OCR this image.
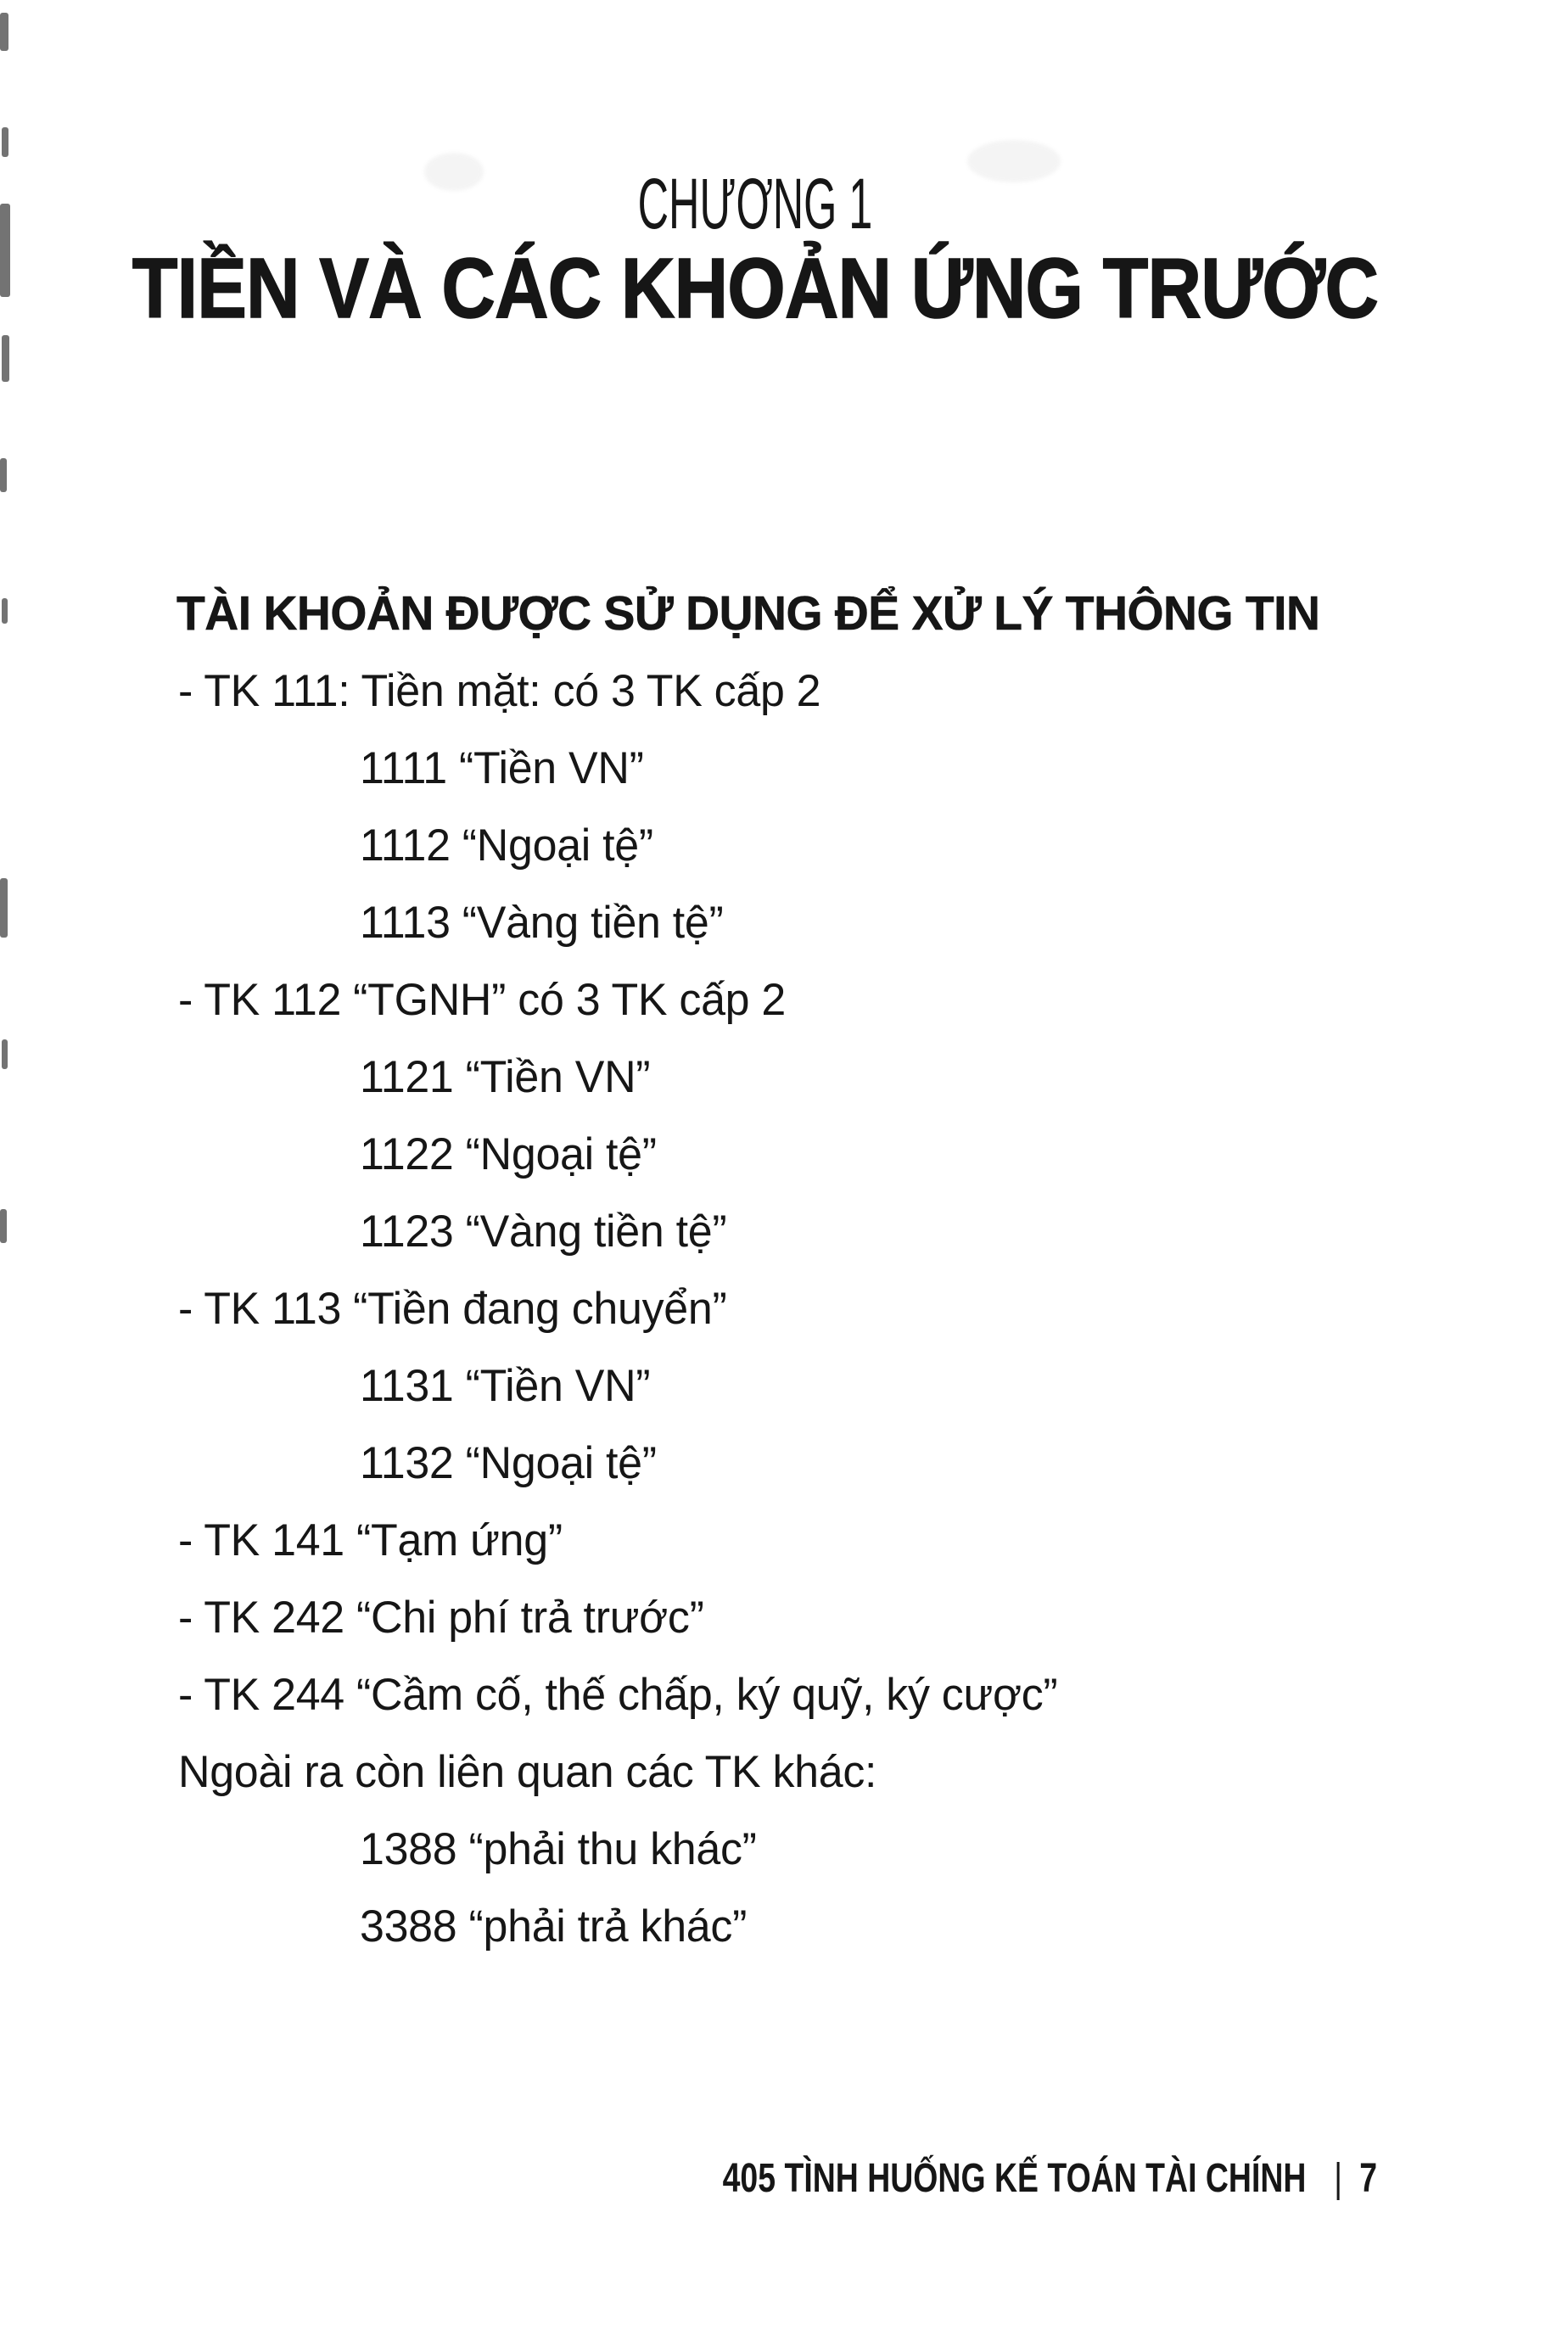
CHƯƠNG 1
TIỀN VÀ CÁC KHOẢN ỨNG TRƯỚC
TÀI KHOẢN ĐƯỢC SỬ DỤNG ĐỂ XỬ LÝ THÔNG TIN
- TK 111: Tiền mặt: có 3 TK cấp 2
1111 “Tiền VN”
1112 “Ngoại tệ”
1113 “Vàng tiền tệ”
- TK 112 “TGNH” có 3 TK cấp 2
1121 “Tiền VN”
1122 “Ngoại tệ”
1123 “Vàng tiền tệ”
- TK 113 “Tiền đang chuyển”
1131 “Tiền VN”
1132 “Ngoại tệ”
- TK 141 “Tạm ứng”
- TK 242 “Chi phí trả trước”
- TK 244 “Cầm cố, thế chấp, ký quỹ, ký cược”
Ngoài ra còn liên quan các TK khác:
1388 “phải thu khác”
3388 “phải trả khác”
405 TÌNH HUỐNG KẾ TOÁN TÀI CHÍNH | 7
